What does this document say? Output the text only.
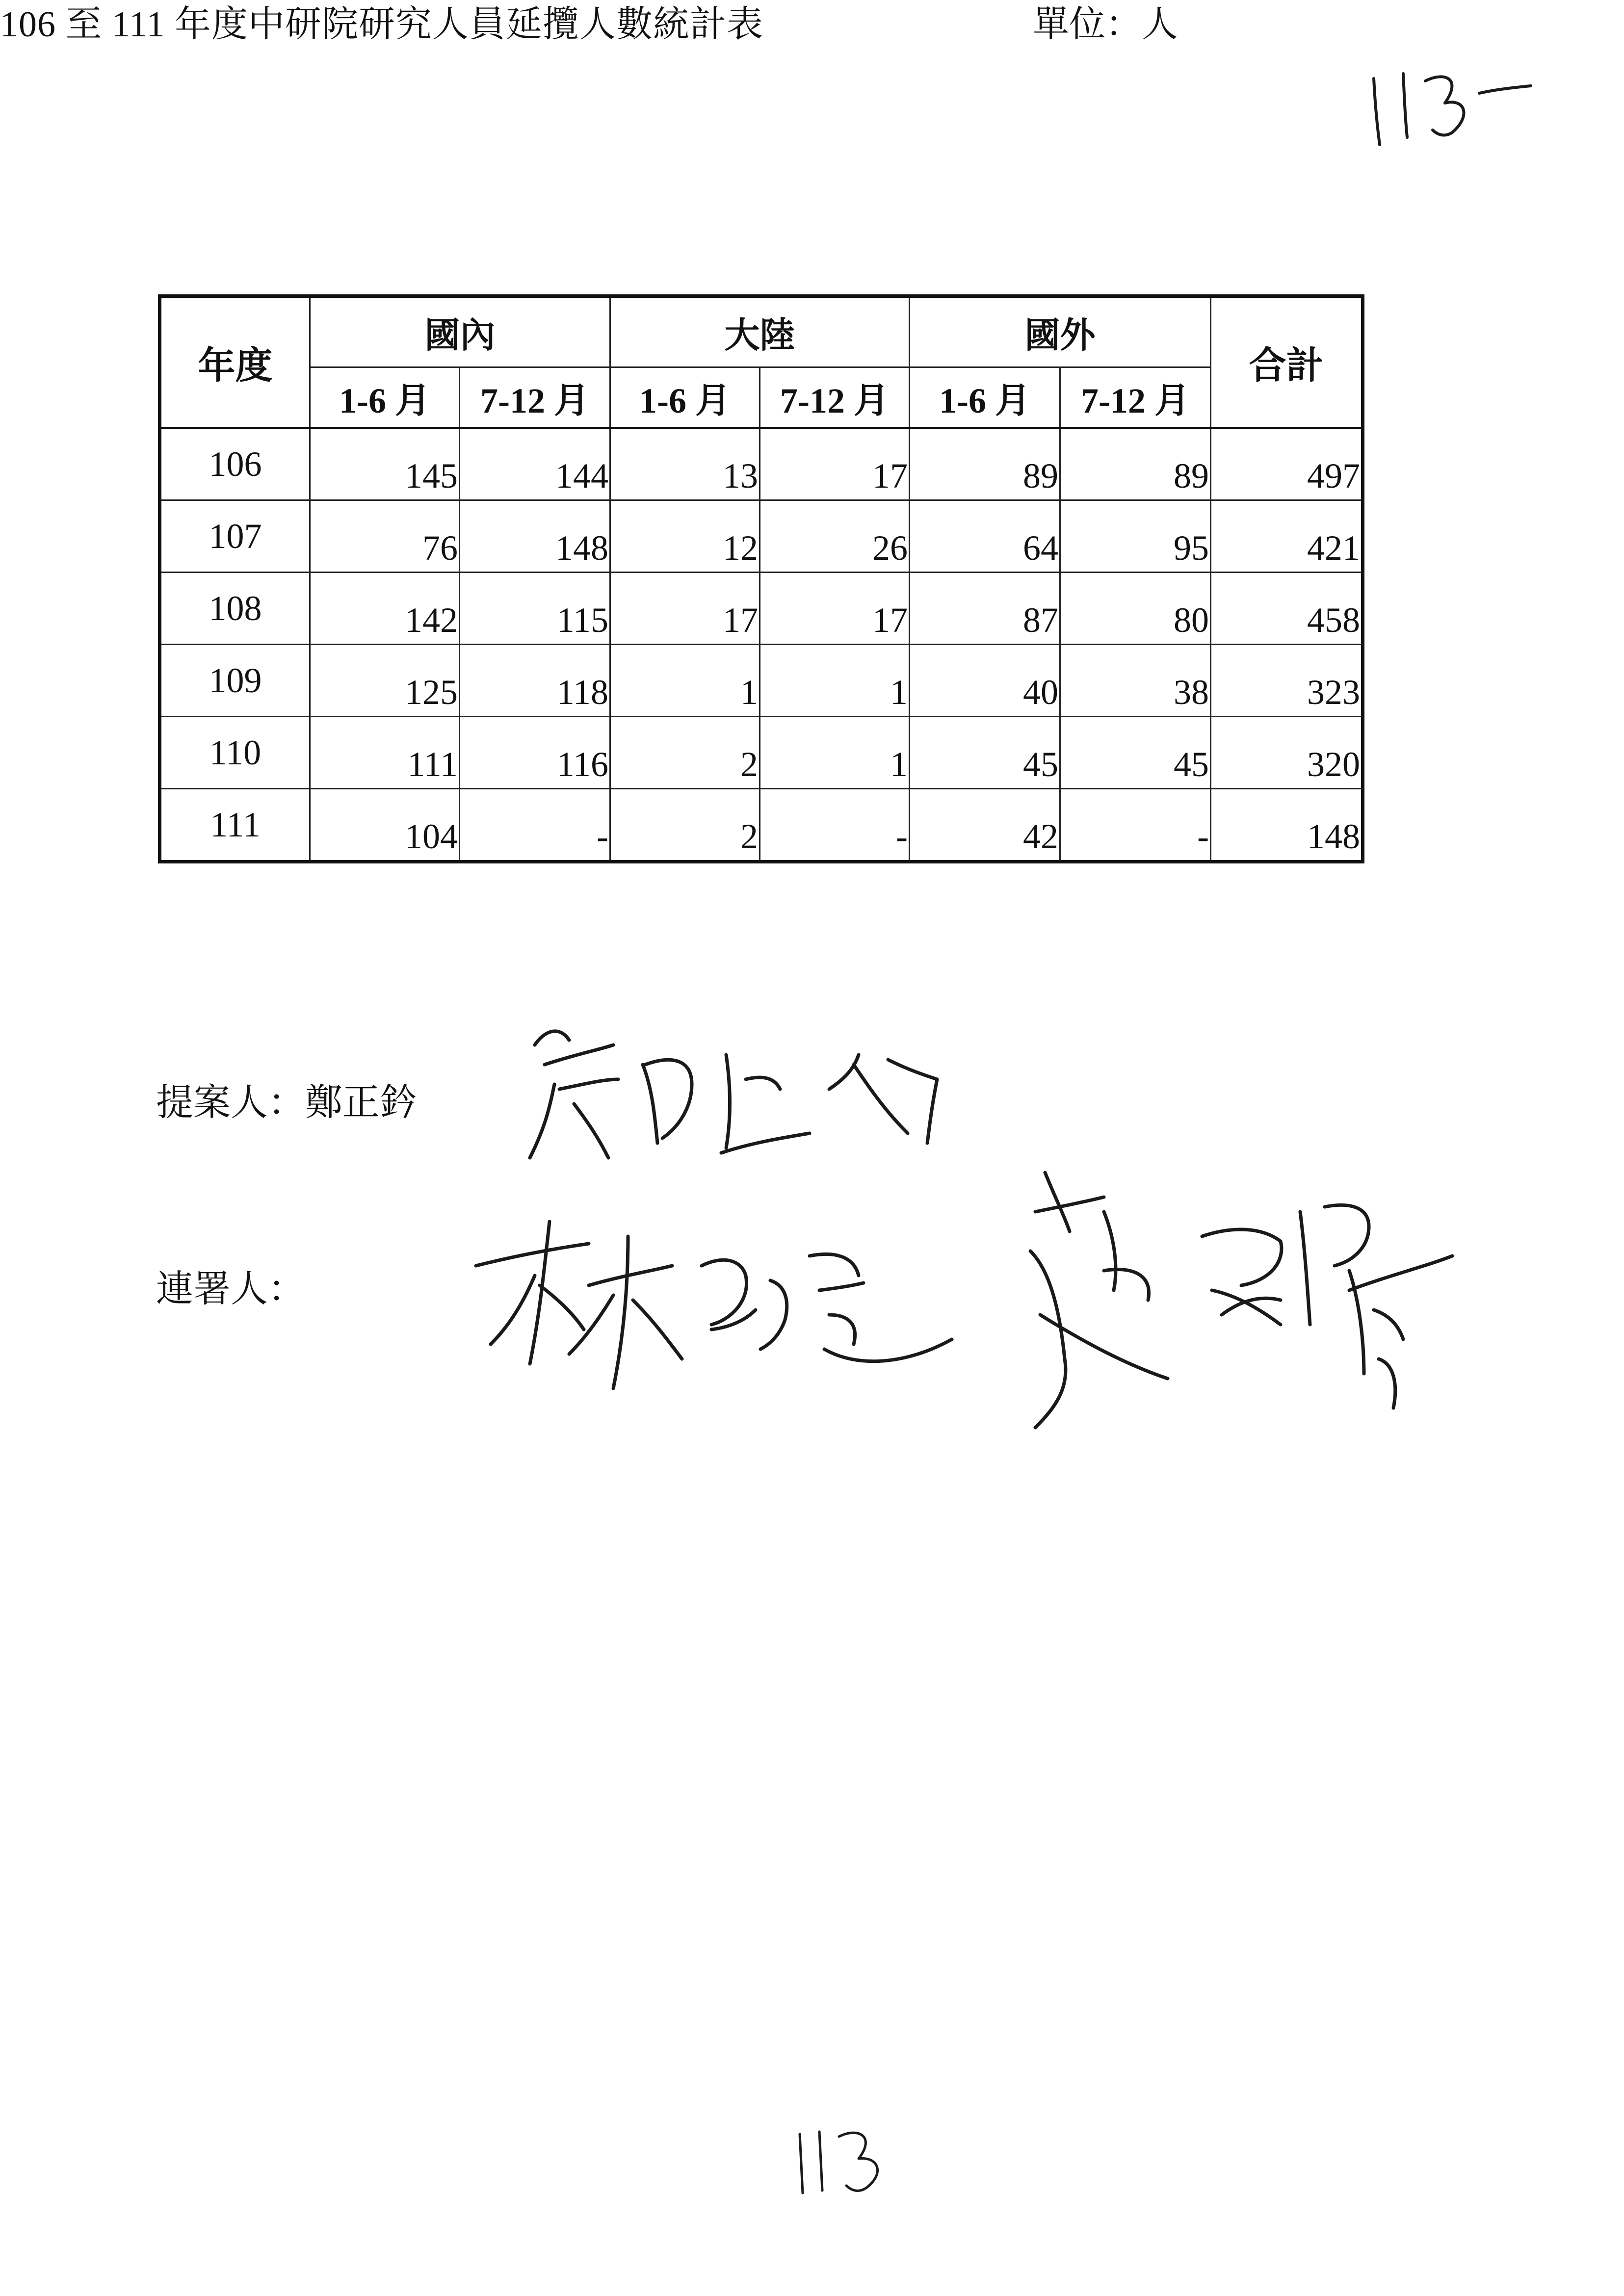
106 至 111 年度中研院研究人員延攬人數統計表	單位：人
年度	國內		大陸		國外		合計
	1-6 月	7-12 月	1-6 月	7-12 月	1-6 月	7-12 月	
106	145	144	13	17	89	89	497
107	76	148	12	26	64	95	421
108	142	115	17	17	87	80	458
109	125	118	1	1	40	38	323
110	111	116	2	1	45	45	320
111	104	-	2	-	42	-	148
提案人：鄭正鈐
連署人：
